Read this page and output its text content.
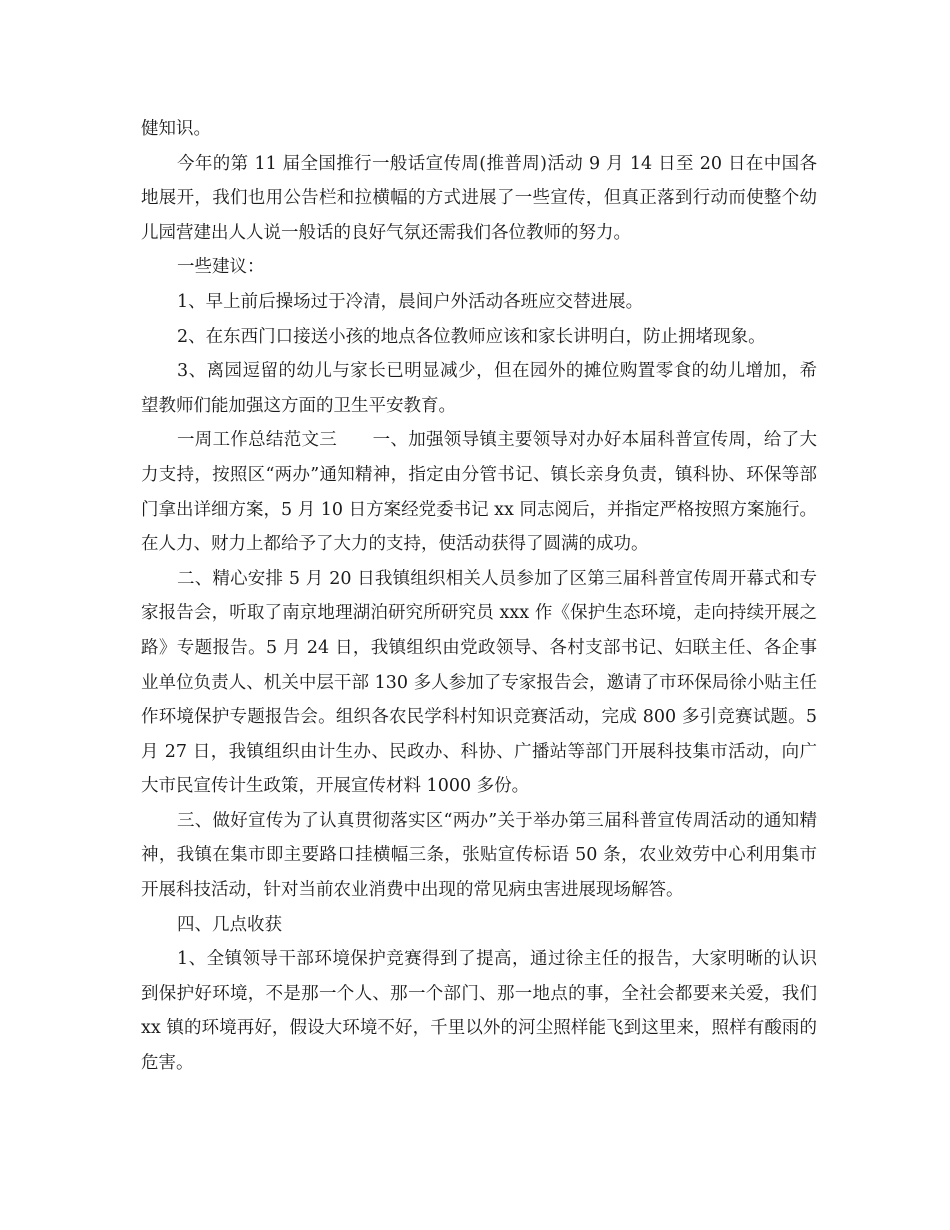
健知识。

今年的第 11 届全国推行一般话宣传周(推普周)活动 9 月 14 日至 20 日在中国各地展开，我们也用公告栏和拉横幅的方式进展了一些宣传，但真正落到行动而使整个幼儿园营建出人人说一般话的良好气氛还需我们各位教师的努力。

一些建议：

1、早上前后操场过于冷清，晨间户外活动各班应交替进展。

2、在东西门口接送小孩的地点各位教师应该和家长讲明白，防止拥堵现象。

3、离园逗留的幼儿与家长已明显减少，但在园外的摊位购置零食的幼儿增加，希望教师们能加强这方面的卫生平安教育。

一周工作总结范文三　　一、加强领导镇主要领导对办好本届科普宣传周，给了大力支持，按照区“两办”通知精神，指定由分管书记、镇长亲身负责，镇科协、环保等部门拿出详细方案，5 月 10 日方案经党委书记 xx 同志阅后，并指定严格按照方案施行。在人力、财力上都给予了大力的支持，使活动获得了圆满的成功。

二、精心安排 5 月 20 日我镇组织相关人员参加了区第三届科普宣传周开幕式和专家报告会，听取了南京地理湖泊研究所研究员 xxx 作《保护生态环境，走向持续开展之路》专题报告。5 月 24 日，我镇组织由党政领导、各村支部书记、妇联主任、各企事业单位负责人、机关中层干部 130 多人参加了专家报告会，邀请了市环保局徐小贴主任作环境保护专题报告会。组织各农民学科村知识竞赛活动，完成 800 多引竞赛试题。5 月 27 日，我镇组织由计生办、民政办、科协、广播站等部门开展科技集市活动，向广大市民宣传计生政策，开展宣传材料 1000 多份。

三、做好宣传为了认真贯彻落实区“两办”关于举办第三届科普宣传周活动的通知精神，我镇在集市即主要路口挂横幅三条，张贴宣传标语 50 条，农业效劳中心利用集市开展科技活动，针对当前农业消费中出现的常见病虫害进展现场解答。

四、几点收获

1、全镇领导干部环境保护竞赛得到了提高，通过徐主任的报告，大家明晰的认识到保护好环境，不是那一个人、那一个部门、那一地点的事，全社会都要来关爱，我们 xx 镇的环境再好，假设大环境不好，千里以外的河尘照样能飞到这里来，照样有酸雨的危害。
